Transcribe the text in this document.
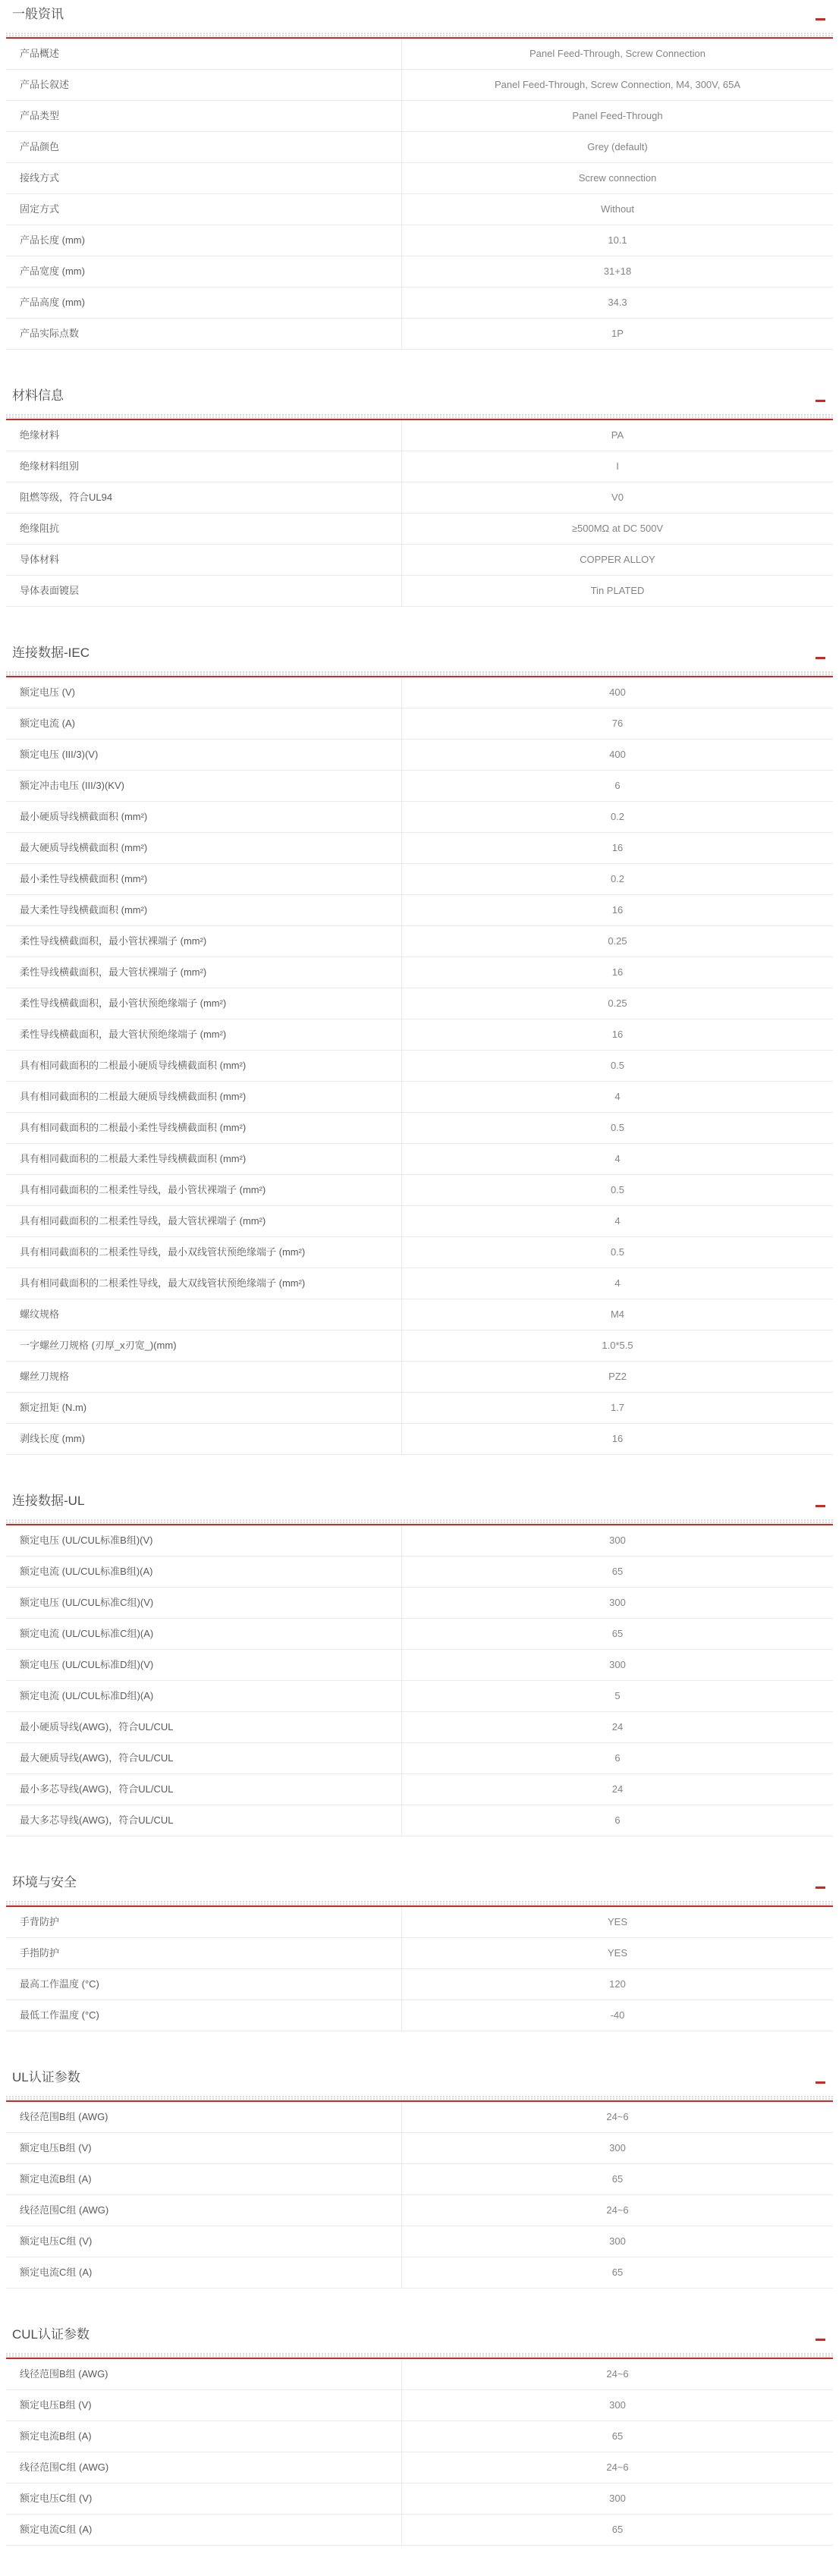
一般资讯
产品概述	Panel Feed-Through, Screw Connection
产品长叙述	Panel Feed-Through, Screw Connection, M4, 300V, 65A
产品类型	Panel Feed-Through
产品颜色	Grey (default)
接线方式	Screw connection
固定方式	Without
产品长度 (mm)	10.1
产品宽度 (mm)	31+18
产品高度 (mm)	34.3
产品实际点数	1P
材料信息
绝缘材料	PA
绝缘材料组别	I
阻燃等级，符合UL94	V0
绝缘阻抗	≥500MΩ at DC 500V
导体材料	COPPER ALLOY
导体表面镀层	Tin PLATED
连接数据-IEC
额定电压 (V)	400
额定电流 (A)	76
额定电压 (III/3)(V)	400
额定冲击电压 (III/3)(KV)	6
最小硬质导线横截面积 (mm²)	0.2
最大硬质导线横截面积 (mm²)	16
最小柔性导线横截面积 (mm²)	0.2
最大柔性导线横截面积 (mm²)	16
柔性导线横截面积，最小管状裸端子 (mm²)	0.25
柔性导线横截面积，最大管状裸端子 (mm²)	16
柔性导线横截面积，最小管状预绝缘端子 (mm²)	0.25
柔性导线横截面积，最大管状预绝缘端子 (mm²)	16
具有相同截面积的二根最小硬质导线横截面积 (mm²)	0.5
具有相同截面积的二根最大硬质导线横截面积 (mm²)	4
具有相同截面积的二根最小柔性导线横截面积 (mm²)	0.5
具有相同截面积的二根最大柔性导线横截面积 (mm²)	4
具有相同截面积的二根柔性导线，最小管状裸端子 (mm²)	0.5
具有相同截面积的二根柔性导线，最大管状裸端子 (mm²)	4
具有相同截面积的二根柔性导线，最小双线管状预绝缘端子 (mm²)	0.5
具有相同截面积的二根柔性导线，最大双线管状预绝缘端子 (mm²)	4
螺纹规格	M4
一字螺丝刀规格 (刃厚_x刃宽_)(mm)	1.0*5.5
螺丝刀规格	PZ2
额定扭矩 (N.m)	1.7
剥线长度 (mm)	16
连接数据-UL
额定电压 (UL/CUL标准B组)(V)	300
额定电流 (UL/CUL标准B组)(A)	65
额定电压 (UL/CUL标准C组)(V)	300
额定电流 (UL/CUL标准C组)(A)	65
额定电压 (UL/CUL标准D组)(V)	300
额定电流 (UL/CUL标准D组)(A)	5
最小硬质导线(AWG)，符合UL/CUL	24
最大硬质导线(AWG)，符合UL/CUL	6
最小多芯导线(AWG)，符合UL/CUL	24
最大多芯导线(AWG)，符合UL/CUL	6
环境与安全
手背防护	YES
手指防护	YES
最高工作温度 (°C)	120
最低工作温度 (°C)	-40
UL认证参数
线径范围B组 (AWG)	24~6
额定电压B组 (V)	300
额定电流B组 (A)	65
线径范围C组 (AWG)	24~6
额定电压C组 (V)	300
额定电流C组 (A)	65
CUL认证参数
线径范围B组 (AWG)	24~6
额定电压B组 (V)	300
额定电流B组 (A)	65
线径范围C组 (AWG)	24~6
额定电压C组 (V)	300
额定电流C组 (A)	65
